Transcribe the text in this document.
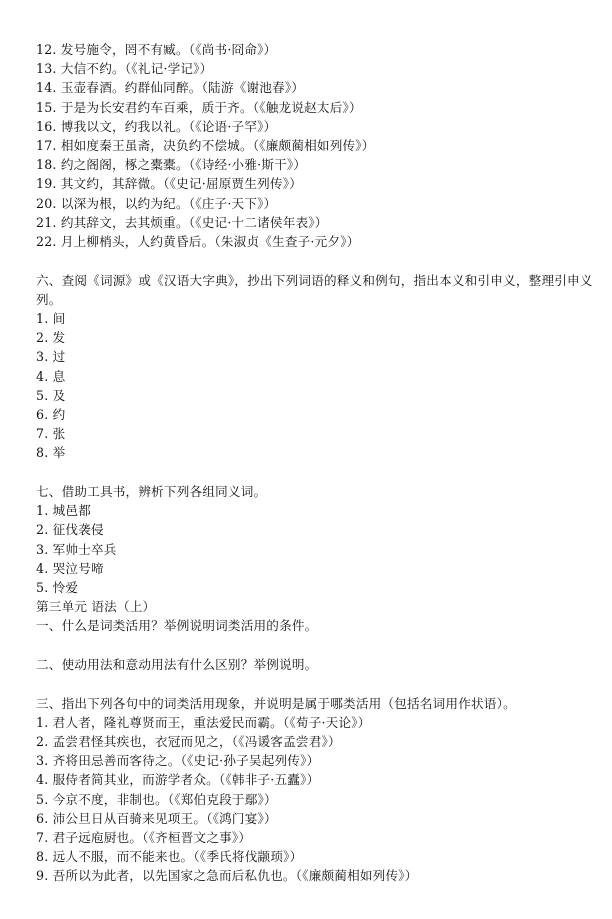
12. 发号施令，罔不有臧。（《尚书·冏命》）
13. 大信不约。（《礼记·学记》）
14. 玉壶春酒。约群仙同醉。（陆游《谢池春》）
15. 于是为长安君约车百乘，质于齐。（《触龙说赵太后》）
16. 博我以文，约我以礼。（《论语·子罕》）
17. 相如度秦王虽斋，决负约不偿城。（《廉颇蔺相如列传》）
18. 约之阁阁，椓之橐橐。（《诗经·小雅·斯干》）
19. 其文约，其辞微。（《史记·屈原贾生列传》）
20. 以深为根，以约为纪。（《庄子·天下》）
21. 约其辞文，去其烦重。（《史记·十二诸侯年表》）
22. 月上柳梢头，人约黄昏后。（朱淑贞《生查子·元夕》）
六、查阅《词源》或《汉语大字典》，抄出下列词语的释义和例句，指出本义和引申义，整理引申义列。
1. 间
2. 发
3. 过
4. 息
5. 及
6. 约
7. 张
8. 举
七、借助工具书，辨析下列各组同义词。
1. 城邑都
2. 征伐袭侵
3. 军帅士卒兵
4. 哭泣号啼
5. 怜爱
第三单元 语法（上）
一、什么是词类活用？举例说明词类活用的条件。
二、使动用法和意动用法有什么区别？举例说明。
三、指出下列各句中的词类活用现象，并说明是属于哪类活用（包括名词用作状语）。
1. 君人者，隆礼尊贤而王，重法爱民而霸。（《荀子·天论》）
2. 孟尝君怪其疾也，衣冠而见之，（《冯谖客孟尝君》）
3. 齐将田忌善而客待之。（《史记·孙子吴起列传》）
4. 服侍者简其业，而游学者众。（《韩非子·五蠹》）
5. 今京不度，非制也。（《郑伯克段于鄢》）
6. 沛公旦日从百骑来见项王。（《鸿门宴》）
7. 君子远庖厨也。（《齐桓晋文之事》）
8. 远人不服，而不能来也。（《季氏将伐颛顼》）
9. 吾所以为此者，以先国家之急而后私仇也。（《廉颇蔺相如列传》）
